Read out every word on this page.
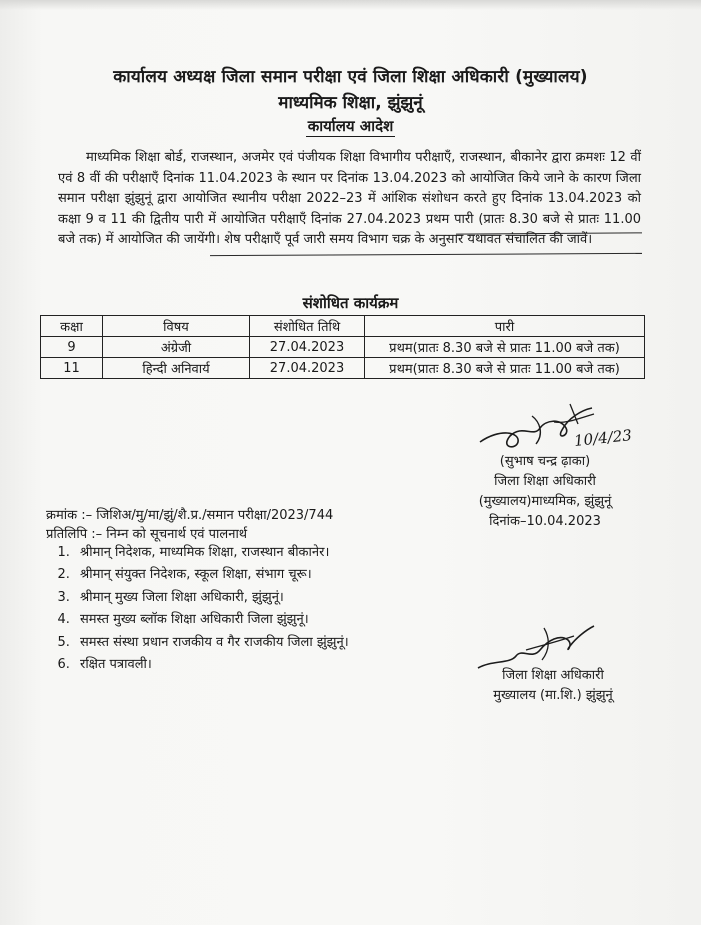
कार्यालय अध्यक्ष जिला समान परीक्षा एवं जिला शिक्षा अधिकारी (मुख्यालय)
माध्यमिक शिक्षा, झुंझुनूं
कार्यालय आदेश
माध्यमिक शिक्षा बोर्ड, राजस्थान, अजमेर एवं पंजीयक शिक्षा विभागीय परीक्षाएँ, राजस्थान, बीकानेर द्वारा क्रमशः 12 वीं एवं 8 वीं की परीक्षाएँ दिनांक 11.04.2023 के स्थान पर दिनांक 13.04.2023 को आयोजित किये जाने के कारण जिला समान परीक्षा झुंझुनूं द्वारा आयोजित स्थानीय परीक्षा 2022–23 में आंशिक संशोधन करते हुए दिनांक 13.04.2023 को कक्षा 9 व 11 की द्वितीय पारी में आयोजित परीक्षाएँ दिनांक 27.04.2023 प्रथम पारी (प्रातः 8.30 बजे से प्रातः 11.00 बजे तक) में आयोजित की जायेंगी। शेष परीक्षाएँ पूर्व जारी समय विभाग चक्र के अनुसार यथावत संचालित की जावें।
संशोधित कार्यक्रम
कक्षा	विषय	संशोधित तिथि	पारी
9	अंग्रेजी	27.04.2023	प्रथम(प्रातः 8.30 बजे से प्रातः 11.00 बजे तक)
11	हिन्दी अनिवार्य	27.04.2023	प्रथम(प्रातः 8.30 बजे से प्रातः 11.00 बजे तक)
10/4/23
(सुभाष चन्द्र ढ़ाका)
जिला शिक्षा अधिकारी
(मुख्यालय)माध्यमिक, झुंझुनूं
दिनांक–10.04.2023
क्रमांक :– जिशिअ/मु/मा/झुं/शै.प्र./समान परीक्षा/2023/744
प्रतिलिपि :– निम्न को सूचनार्थ एवं पालनार्थ
1. श्रीमान् निदेशक, माध्यमिक शिक्षा, राजस्थान बीकानेर।
2. श्रीमान् संयुक्त निदेशक, स्कूल शिक्षा, संभाग चूरू।
3. श्रीमान् मुख्य जिला शिक्षा अधिकारी, झुंझुनूं।
4. समस्त मुख्य ब्लॉक शिक्षा अधिकारी जिला झुंझुनूं।
5. समस्त संस्था प्रधान राजकीय व गैर राजकीय जिला झुंझुनूं।
6. रक्षित पत्रावली।
जिला शिक्षा अधिकारी
मुख्यालय (मा.शि.) झुंझुनूं
